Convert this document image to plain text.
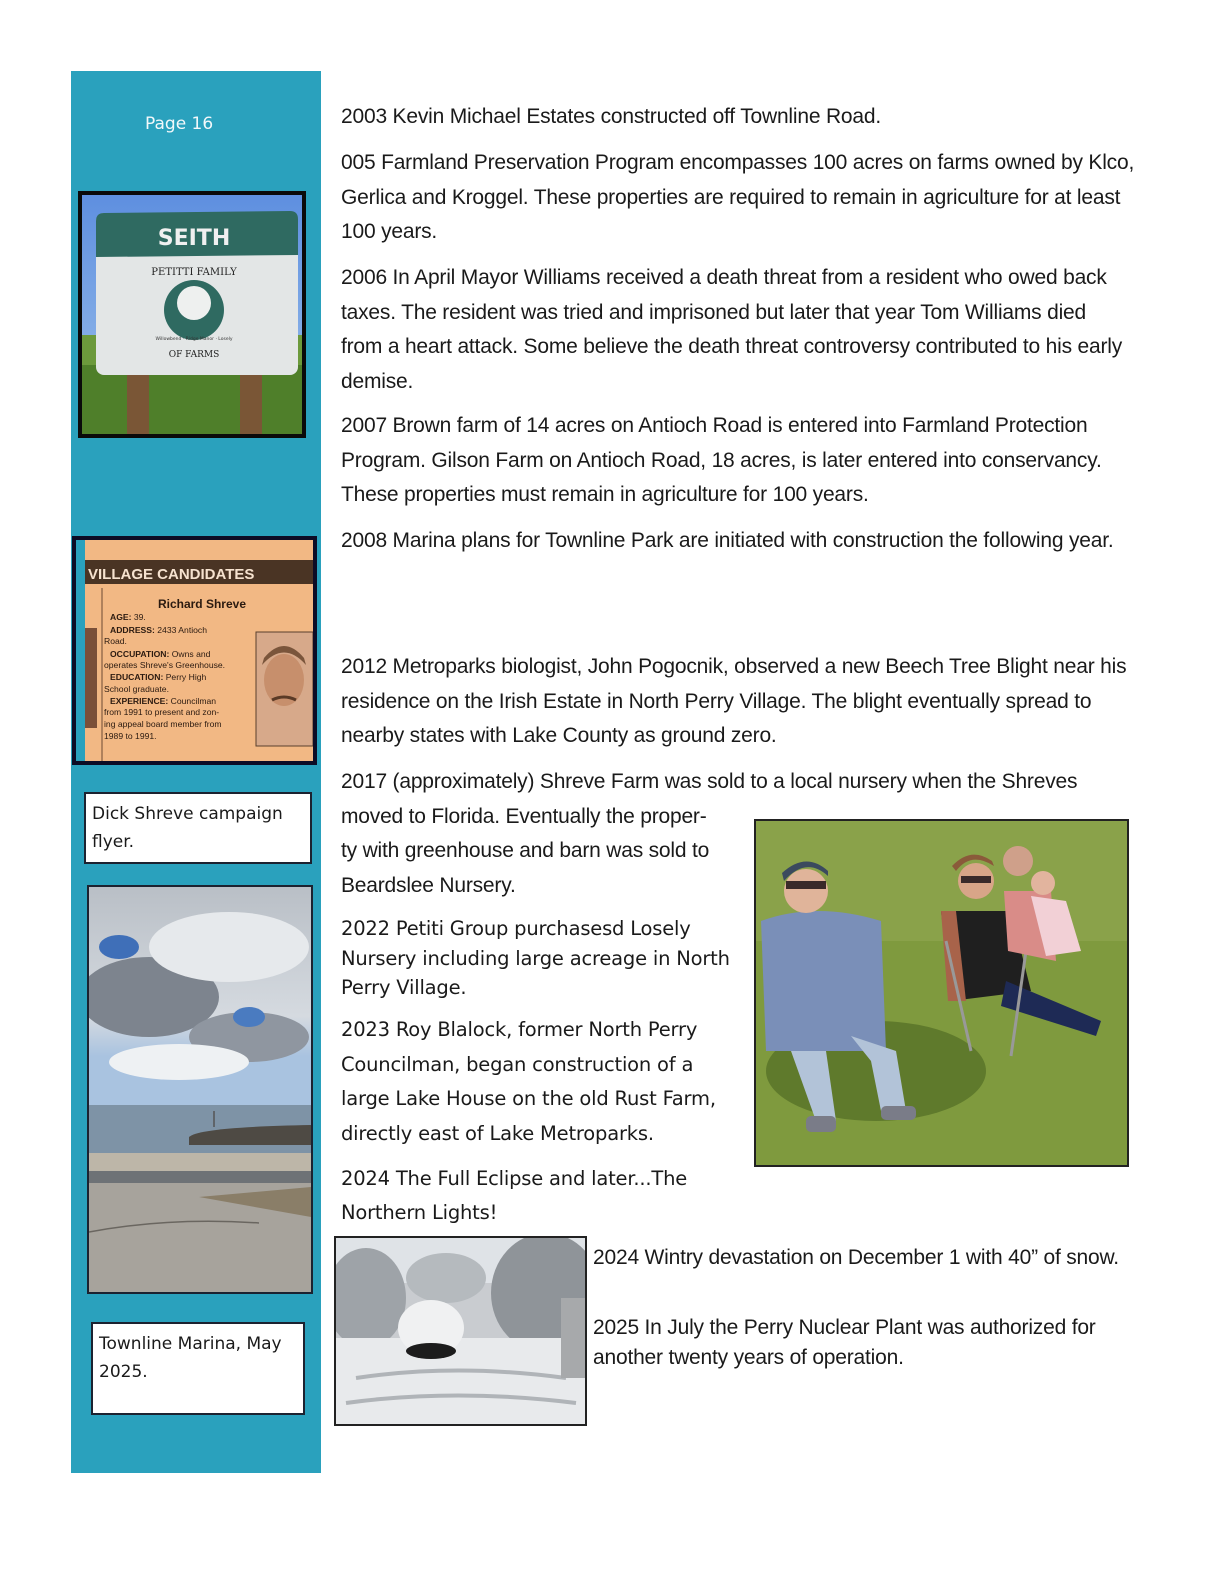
Page 16
SEITH
PETITTI FAMILY
Willowbend · Ridge Manor · Losely
OF FARMS
VILLAGE CANDIDATES
Richard Shreve
AGE: 39.
ADDRESS: 2433 Antioch
Road.
OCCUPATION: Owns and
operates Shreve's Greenhouse.
EDUCATION: Perry High
School graduate.
EXPERIENCE: Councilman
from 1991 to present and zon-
ing appeal board member from
1989 to 1991.
Dick Shreve campaign flyer.
Townline Marina, May 2025.

2003 Kevin Michael Estates constructed off Townline Road.

005 Farmland Preservation Program encompasses 100 acres on farms owned by Klco, Gerlica and Kroggel. These properties are required to remain in agriculture for at least 100 years.

2006 In April Mayor Williams received a death threat from a resident who owed back taxes. The resident was tried and imprisoned but later that year Tom Williams died from a heart attack. Some believe the death threat controversy contributed to his early demise.

2007 Brown farm of 14 acres on Antioch Road is entered into Farmland Protection Program. Gilson Farm on Antioch Road, 18 acres, is later entered into conservancy. These properties must remain in agriculture for 100 years.

2008 Marina plans for Townline Park are initiated with construction the following year.

2012 Metroparks biologist, John Pogocnik, observed a new Beech Tree Blight near his residence on the Irish Estate in North Perry Village. The blight eventually spread to nearby states with Lake County as ground zero.

2017 (approximately) Shreve Farm was sold to a local nursery when the Shreves
moved to Florida. Eventually the proper-
ty with greenhouse and barn was sold to
Beardslee Nursery.

2022 Petiti Group purchasesd Losely Nursery including large acreage in North Perry Village.

2023 Roy Blalock, former North Perry Councilman, began construction of a large Lake House on the old Rust Farm, directly east of Lake Metroparks.

2024 The Full Eclipse and later...The Northern Lights!

2024 Wintry devastation on December 1 with 40” of snow.

2025 In July the Perry Nuclear Plant was authorized for another twenty years of operation.
